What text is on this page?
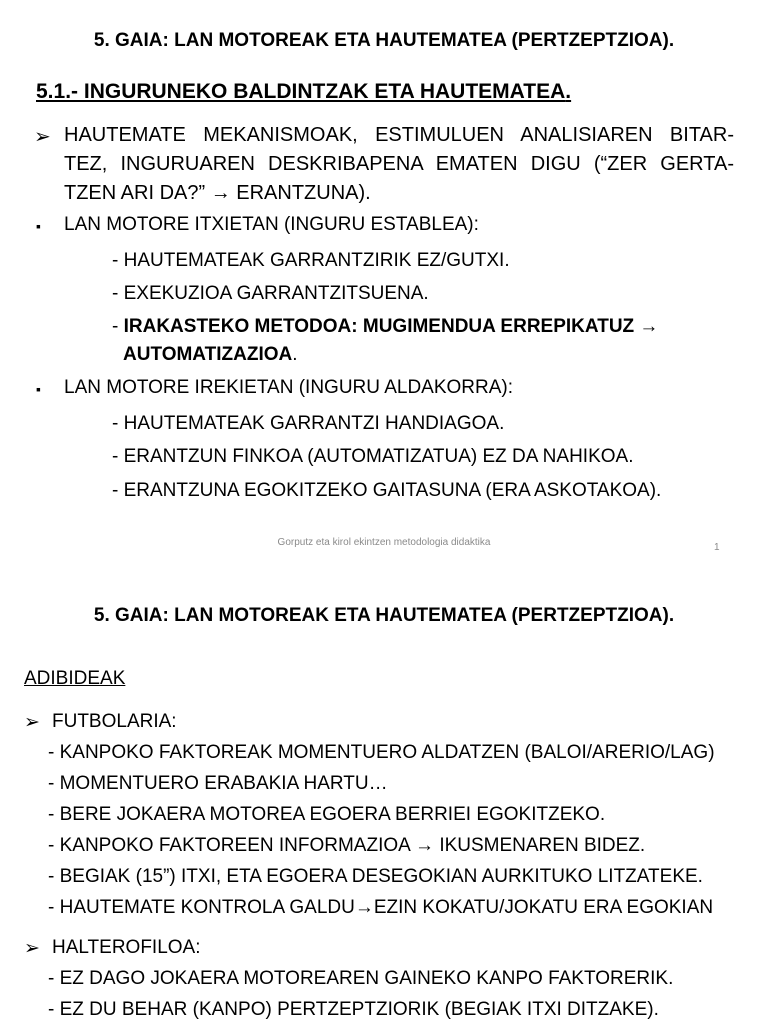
5. GAIA: LAN MOTOREAK ETA HAUTEMATEA (PERTZEPTZIOA).
5.1.- INGURUNEKO BALDINTZAK ETA HAUTEMATEA.
➢ HAUTEMATE MEKANISMOAK, ESTIMULUEN ANALISIAREN BITAR-
TEZ, INGURUAREN DESKRIBAPENA EMATEN DIGU (“ZER GERTA-
TZEN ARI DA?” → ERANTZUNA).
▪ LAN MOTORE ITXIETAN (INGURU ESTABLEA):
- HAUTEMATEAK GARRANTZIRIK EZ/GUTXI.
- EXEKUZIOA GARRANTZITSUENA.
- IRAKASTEKO METODOA: MUGIMENDUA ERREPIKATUZ →
AUTOMATIZAZIOA.
▪ LAN MOTORE IREKIETAN (INGURU ALDAKORRA):
- HAUTEMATEAK GARRANTZI HANDIAGOA.
- ERANTZUN FINKOA (AUTOMATIZATUA) EZ DA NAHIKOA.
- ERANTZUNA EGOKITZEKO GAITASUNA (ERA ASKOTAKOA).
Gorputz eta kirol ekintzen metodologia didaktika	1
5. GAIA: LAN MOTOREAK ETA HAUTEMATEA (PERTZEPTZIOA).
ADIBIDEAK
➢ FUTBOLARIA:
- KANPOKO FAKTOREAK MOMENTUERO ALDATZEN (BALOI/ARERIO/LAG)
- MOMENTUERO ERABAKIA HARTU…
- BERE JOKAERA MOTOREA EGOERA BERRIEI EGOKITZEKO.
- KANPOKO FAKTOREEN INFORMAZIOA → IKUSMENAREN BIDEZ.
- BEGIAK (15”) ITXI, ETA EGOERA DESEGOKIAN AURKITUKO LITZATEKE.
- HAUTEMATE KONTROLA GALDU→EZIN KOKATU/JOKATU ERA EGOKIAN
➢ HALTEROFILOA:
- EZ DAGO JOKAERA MOTOREAREN GAINEKO KANPO FAKTORERIK.
- EZ DU BEHAR (KANPO) PERTZEPTZIORIK (BEGIAK ITXI DITZAKE).
